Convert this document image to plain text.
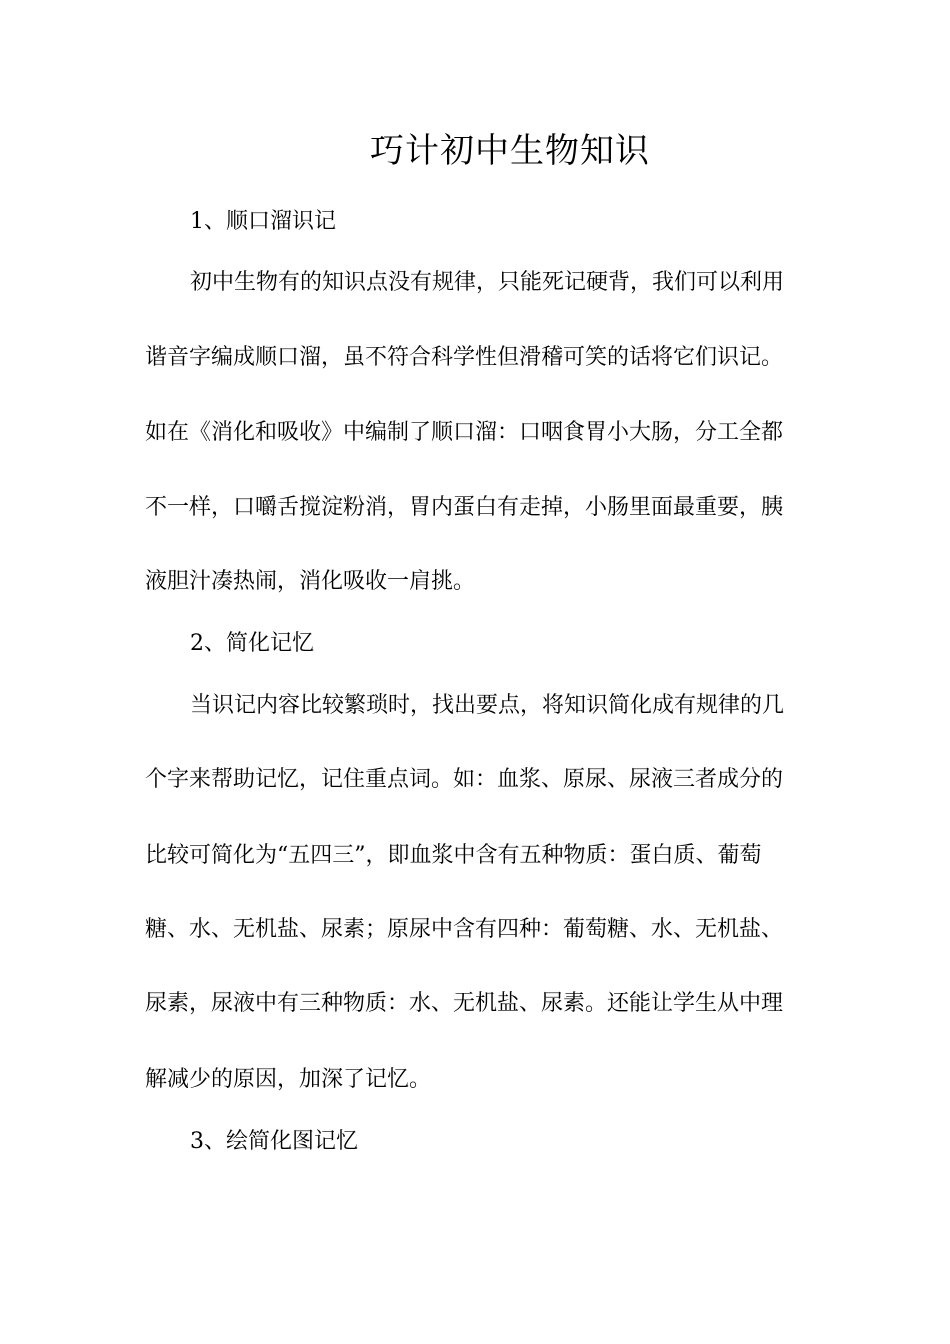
巧计初中生物知识
1、顺口溜识记
初中生物有的知识点没有规律，只能死记硬背，我们可以利用
谐音字编成顺口溜，虽不符合科学性但滑稽可笑的话将它们识记。
如在《消化和吸收》中编制了顺口溜：口咽食胃小大肠，分工全都
不一样，口嚼舌搅淀粉消，胃内蛋白有走掉，小肠里面最重要，胰
液胆汁凑热闹，消化吸收一肩挑。
2、简化记忆
当识记内容比较繁琐时，找出要点，将知识简化成有规律的几
个字来帮助记忆，记住重点词。如：血浆、原尿、尿液三者成分的
比较可简化为“五四三”，即血浆中含有五种物质：蛋白质、葡萄
糖、水、无机盐、尿素；原尿中含有四种：葡萄糖、水、无机盐、
尿素，尿液中有三种物质：水、无机盐、尿素。还能让学生从中理
解减少的原因，加深了记忆。
3、绘简化图记忆
